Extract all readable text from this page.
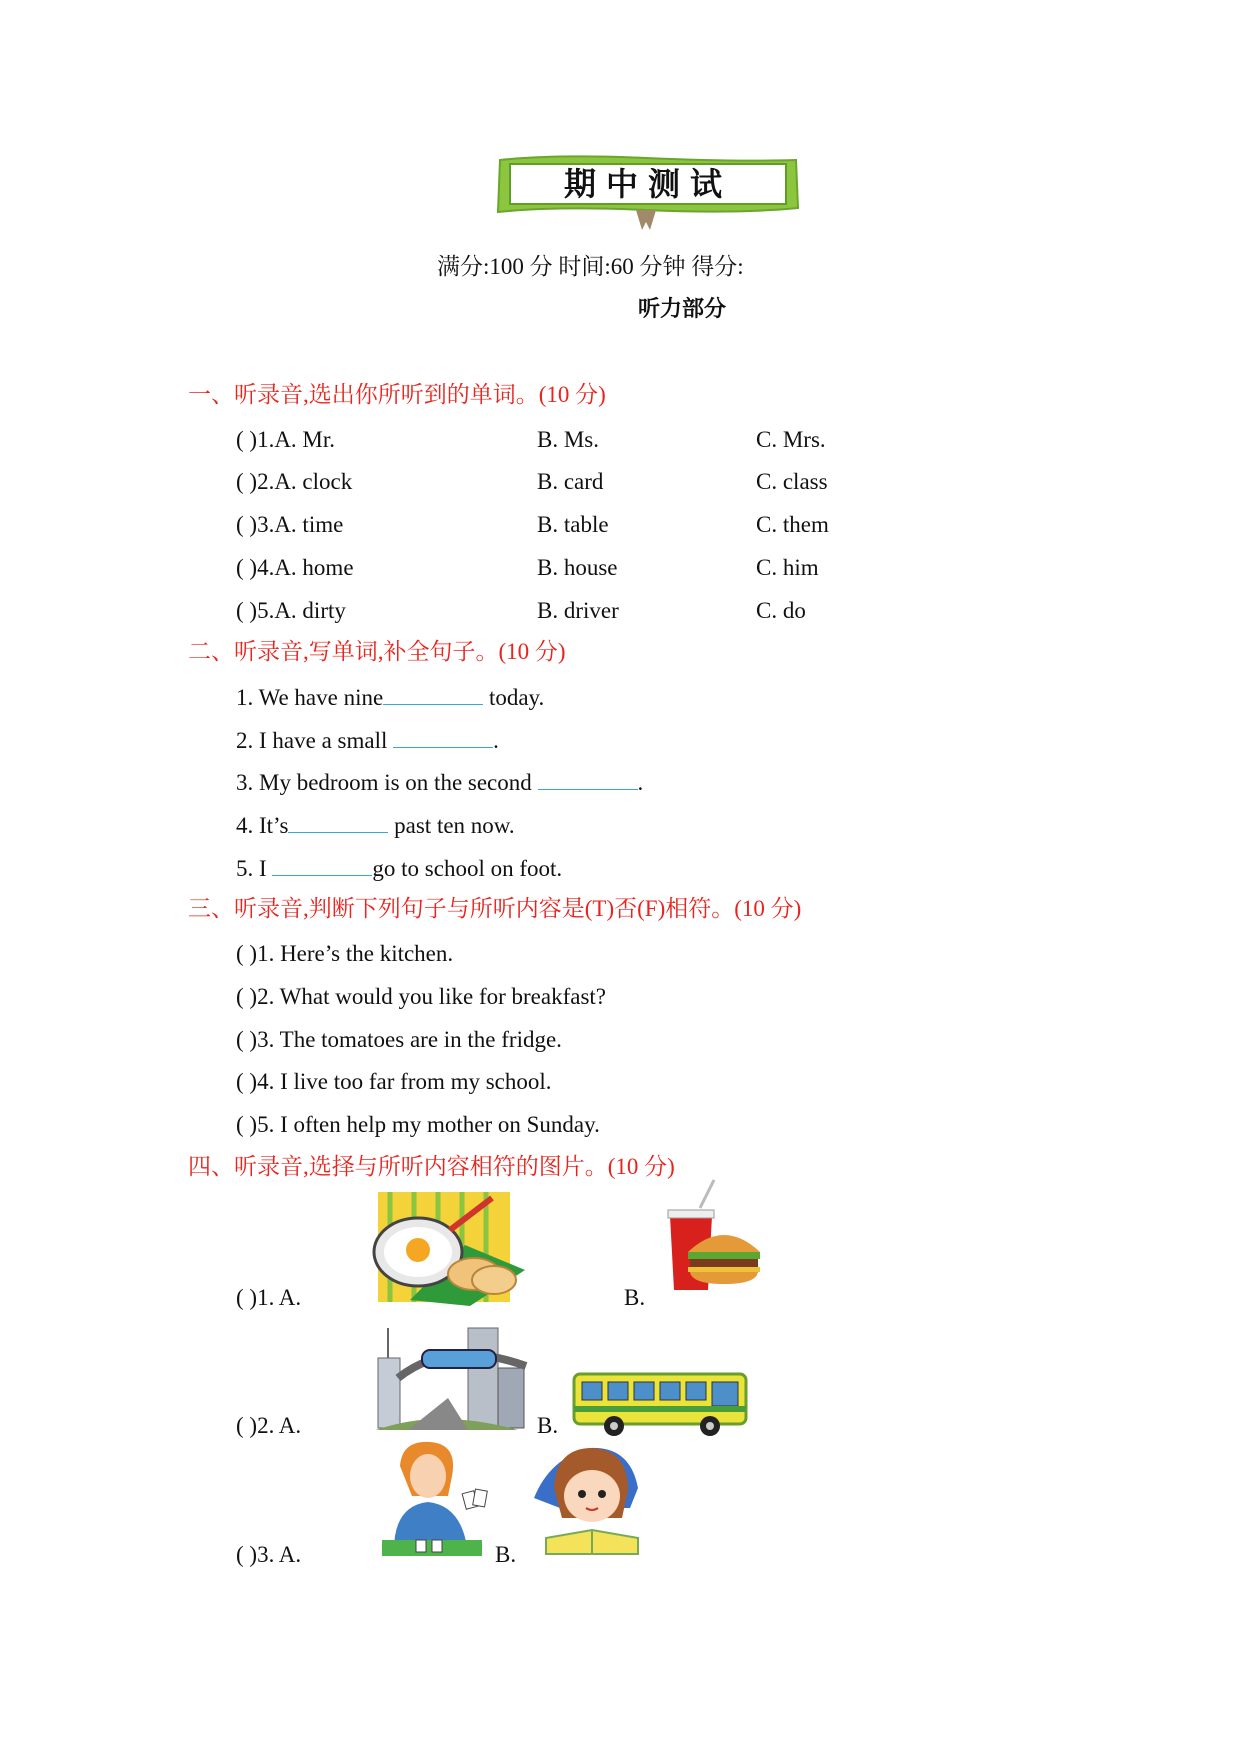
期中测试
满分:100 分 时间:60 分钟 得分:
听力部分
一、听录音,选出你所听到的单词。(10 分)
( )1.A. Mr.	B. Ms.	C. Mrs.
( )2.A. clock	B. card	C. class
( )3.A. time	B. table	C. them
( )4.A. home	B. house	C. him
( )5.A. dirty	B. driver	C. do
二、听录音,写单词,补全句子。(10 分)
1. We have nine	today.
2. I have a small	.
3. My bedroom is on the second	.
4. It’s	past ten now.
5. I	go to school on foot.
三、听录音,判断下列句子与所听内容是(T)否(F)相符。(10 分)
( )1. Here’s the kitchen.
( )2. What would you like for breakfast?
( )3. The tomatoes are in the fridge.
( )4. I live too far from my school.
( )5. I often help my mother on Sunday.
四、听录音,选择与所听内容相符的图片。(10 分)
( )1. A.	B.
( )2. A.	B.
( )3. A.	B.
